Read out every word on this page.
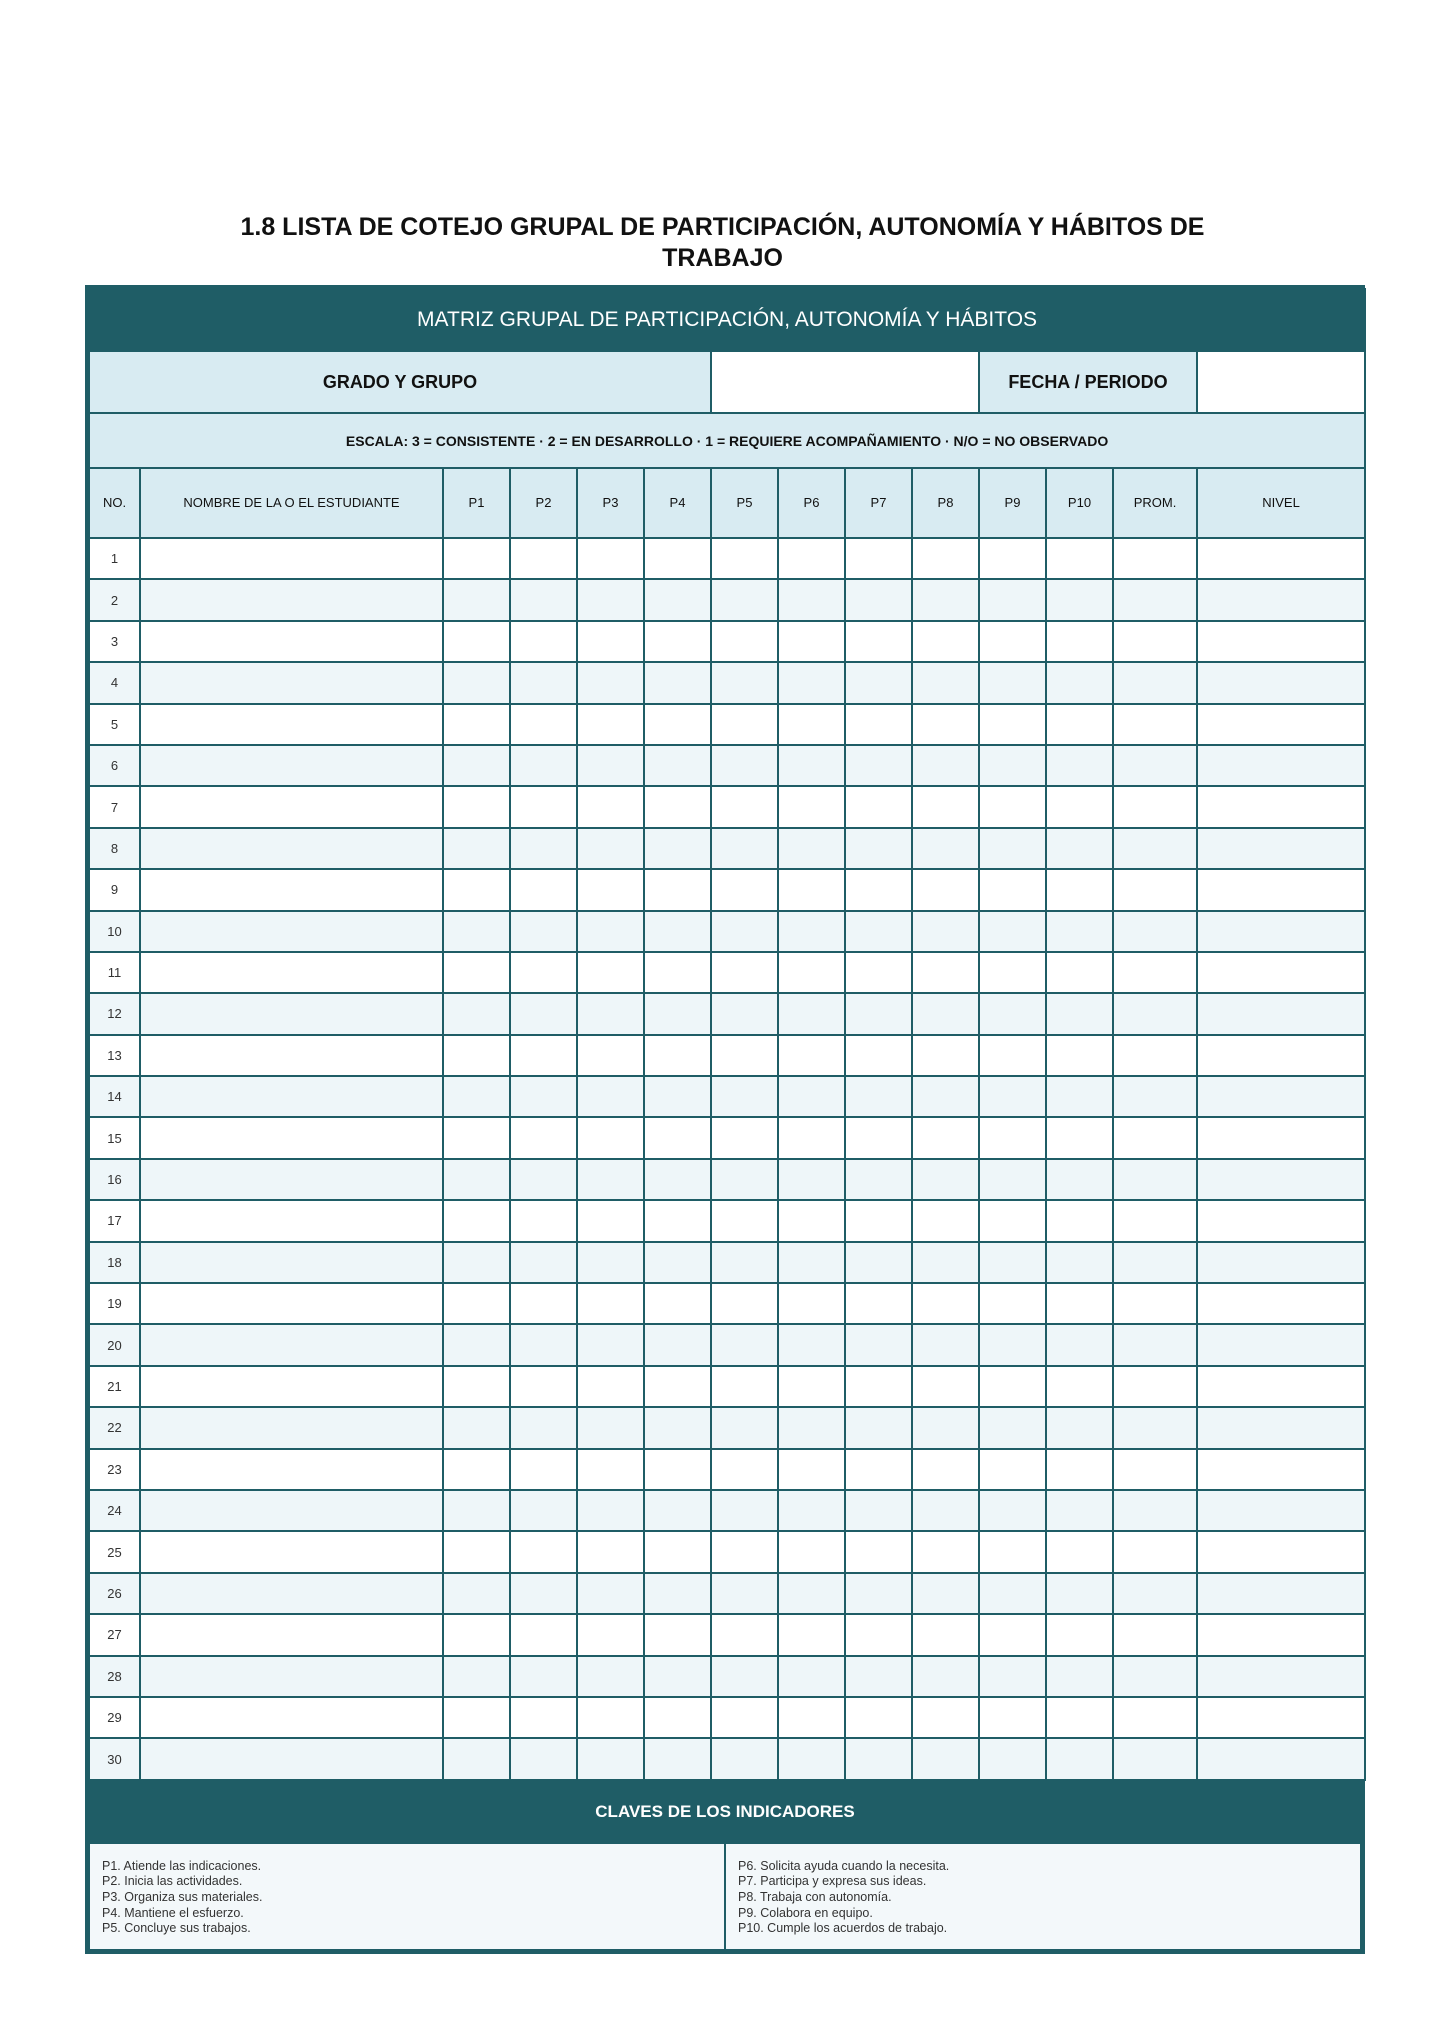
1.8 LISTA DE COTEJO GRUPAL DE PARTICIPACIÓN, AUTONOMÍA Y HÁBITOS DE TRABAJO
MATRIZ GRUPAL DE PARTICIPACIÓN, AUTONOMÍA Y HÁBITOS													
GRADO Y GRUPO										FECHA / PERIODO			
ESCALA: 3 = CONSISTENTE · 2 = EN DESARROLLO · 1 = REQUIERE ACOMPAÑAMIENTO · N/O = NO OBSERVADO													
NO.	NOMBRE DE LA O EL ESTUDIANTE	P1	P2	P3	P4	P5	P6	P7	P8	P9	P10	PROM.	NIVEL
1													
2													
3													
4													
5													
6													
7													
8													
9													
10													
11													
12													
13													
14													
15													
16													
17													
18													
19													
20													
21													
22													
23													
24													
25													
26													
27													
28													
29													
30													
CLAVES DE LOS INDICADORES

P1. Atiende las indicaciones.
P2. Inicia las actividades.
P3. Organiza sus materiales.
P4. Mantiene el esfuerzo.
P5. Concluye sus trabajos.

P6. Solicita ayuda cuando la necesita.
P7. Participa y expresa sus ideas.
P8. Trabaja con autonomía.
P9. Colabora en equipo.
P10. Cumple los acuerdos de trabajo.
